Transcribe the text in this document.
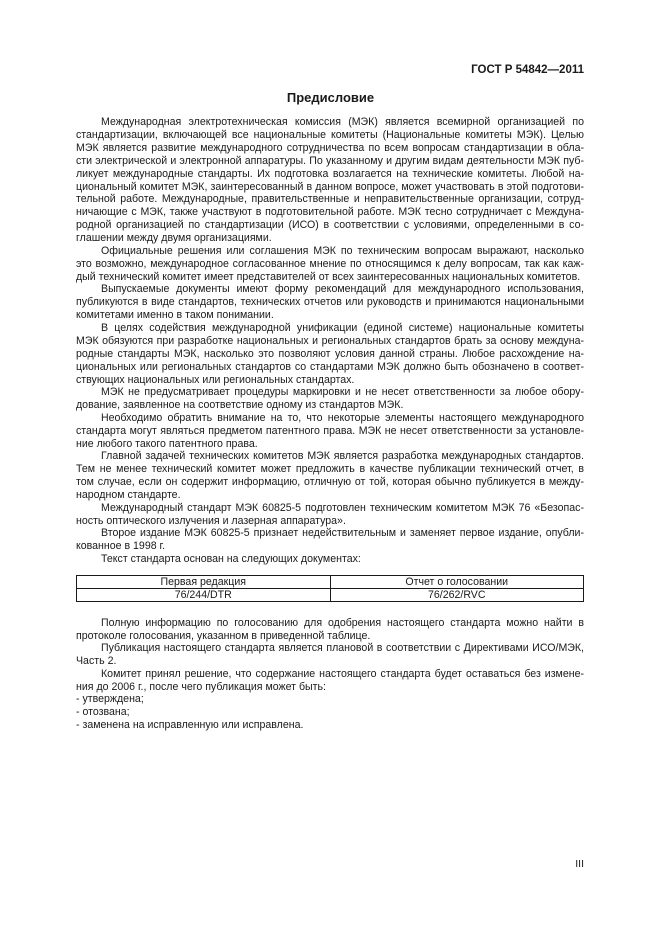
ГОСТ Р 54842—2011
Предисловие
Международная электротехническая комиссия (МЭК) является всемирной организацией по
стандартизации, включающей все национальные комитеты (Национальные комитеты МЭК). Целью
МЭК является развитие международного сотрудничества по всем вопросам стандартизации в обла-
сти электрической и электронной аппаратуры. По указанному и другим видам деятельности МЭК пуб-
ликует международные стандарты. Их подготовка возлагается на технические комитеты. Любой на-
циональный комитет МЭК, заинтересованный в данном вопросе, может участвовать в этой подготови-
тельной работе. Международные, правительственные и неправительственные организации, сотруд-
ничающие с МЭК, также участвуют в подготовительной работе. МЭК тесно сотрудничает с Междуна-
родной организацией по стандартизации (ИСО) в соответствии с условиями, определенными в со-
глашении между двумя организациями.
Официальные решения или соглашения МЭК по техническим вопросам выражают, насколько
это возможно, международное согласованное мнение по относящимся к делу вопросам, так как каж-
дый технический комитет имеет представителей от всех заинтересованных национальных комитетов.
Выпускаемые документы имеют форму рекомендаций для международного использования,
публикуются в виде стандартов, технических отчетов или руководств и принимаются национальными
комитетами именно в таком понимании.
В целях содействия международной унификации (единой системе) национальные комитеты
МЭК обязуются при разработке национальных и региональных стандартов брать за основу междуна-
родные стандарты МЭК, насколько это позволяют условия данной страны. Любое расхождение на-
циональных или региональных стандартов со стандартами МЭК должно быть обозначено в соответ-
ствующих национальных или региональных стандартах.
МЭК не предусматривает процедуры маркировки и не несет ответственности за любое обору-
дование, заявленное на соответствие одному из стандартов МЭК.
Необходимо обратить внимание на то, что некоторые элементы настоящего международного
стандарта могут являться предметом патентного права. МЭК не несет ответственности за установле-
ние любого такого патентного права.
Главной задачей технических комитетов МЭК является разработка международных стандартов.
Тем не менее технический комитет может предложить в качестве публикации технический отчет, в
том случае, если он содержит информацию, отличную от той, которая обычно публикуется в между-
народном стандарте.
Международный стандарт МЭК 60825-5 подготовлен техническим комитетом МЭК 76 «Безопас-
ность оптического излучения и лазерная аппаратура».
Второе издание МЭК 60825-5 признает недействительным и заменяет первое издание, опубли-
кованное в 1998 г.
Текст стандарта основан на следующих документах:
Первая редакция	Отчет о голосовании
76/244/DTR	76/262/RVC
Полную информацию по голосованию для одобрения настоящего стандарта можно найти в
протоколе голосования, указанном в приведенной таблице.
Публикация настоящего стандарта является плановой в соответствии с Директивами ИСО/МЭК,
Часть 2.
Комитет принял решение, что содержание настоящего стандарта будет оставаться без измене-
ния до 2006 г., после чего публикация может быть:
- утверждена;
- отозвана;
- заменена на исправленную или исправлена.
III
